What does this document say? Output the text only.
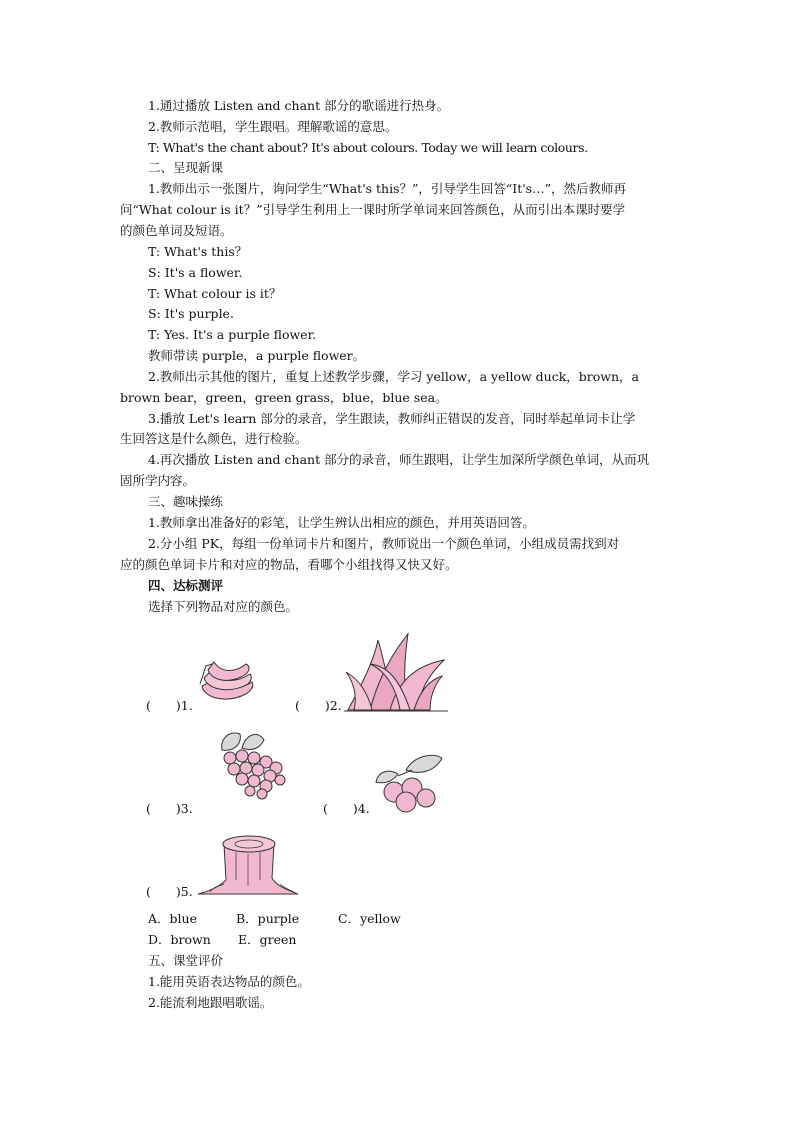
1.通过播放 Listen and chant 部分的歌谣进行热身。
2.教师示范唱，学生跟唱。理解歌谣的意思。
T: What's the chant about? It's about colours. Today we will learn colours.
二、呈现新课
1.教师出示一张图片，询问学生“What's this？”，引导学生回答“It's…”，然后教师再
问“What colour is it？”引导学生利用上一课时所学单词来回答颜色，从而引出本课时要学
的颜色单词及短语。
T: What's this？
S: It's a flower.
T: What colour is it？
S: It's purple.
T: Yes. It's a purple flower.
教师带读 purple，a purple flower。
2.教师出示其他的图片，重复上述教学步骤，学习 yellow，a yellow duck，brown，a
brown bear，green，green grass，blue，blue sea。
3.播放 Let's learn 部分的录音，学生跟读，教师纠正错误的发音，同时举起单词卡让学
生回答这是什么颜色，进行检验。
4.再次播放 Listen and chant 部分的录音，师生跟唱，让学生加深所学颜色单词，从而巩
固所学内容。
三、趣味操练
1.教师拿出准备好的彩笔，让学生辨认出相应的颜色，并用英语回答。
2.分小组 PK，每组一份单词卡片和图片，教师说出一个颜色单词，小组成员需找到对
应的颜色单词卡片和对应的物品，看哪个小组找得又快又好。
四、达标测评
选择下列物品对应的颜色。
(　　)1.	(　　)2.
(　　)3.	(　　)4.
(　　)5.
A．blue	B．purple	C．yellow
D．brown E．green
五、课堂评价
1.能用英语表达物品的颜色。
2.能流利地跟唱歌谣。
